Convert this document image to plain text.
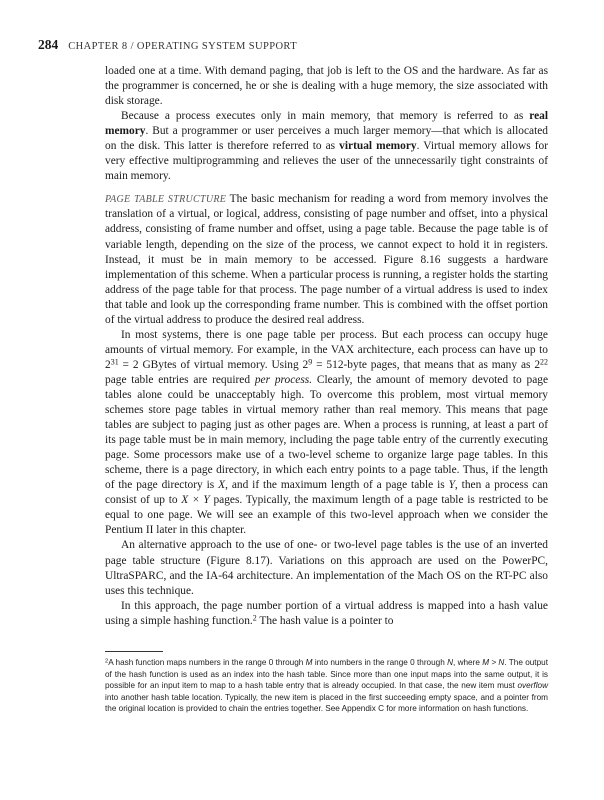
284 CHAPTER 8 / OPERATING SYSTEM SUPPORT

loaded one at a time. With demand paging, that job is left to the OS and the hardware. As far as the programmer is concerned, he or she is dealing with a huge memory, the size associated with disk storage.

Because a process executes only in main memory, that memory is referred to as real memory. But a programmer or user perceives a much larger memory—that which is allocated on the disk. This latter is therefore referred to as virtual memory. Virtual memory allows for very effective multiprogramming and relieves the user of the unnecessarily tight constraints of main memory.

PAGE TABLE STRUCTURE The basic mechanism for reading a word from memory involves the translation of a virtual, or logical, address, consisting of page number and offset, into a physical address, consisting of frame number and offset, using a page table. Because the page table is of variable length, depending on the size of the process, we cannot expect to hold it in registers. Instead, it must be in main memory to be accessed. Figure 8.16 suggests a hardware implementation of this scheme. When a particular process is running, a register holds the starting address of the page table for that process. The page number of a virtual address is used to index that table and look up the corresponding frame number. This is combined with the offset portion of the virtual address to produce the desired real address.

In most systems, there is one page table per process. But each process can occupy huge amounts of virtual memory. For example, in the VAX architecture, each process can have up to $2^{31} = 2$ GBytes of virtual memory. Using $2^9$ = 512-byte pages, that means that as many as $2^{22}$ page table entries are required per process. Clearly, the amount of memory devoted to page tables alone could be unacceptably high. To overcome this problem, most virtual memory schemes store page tables in virtual memory rather than real memory. This means that page tables are subject to paging just as other pages are. When a process is running, at least a part of its page table must be in main memory, including the page table entry of the currently executing page. Some processors make use of a two-level scheme to organize large page tables. In this scheme, there is a page directory, in which each entry points to a page table. Thus, if the length of the page directory is X, and if the maximum length of a page table is Y, then a process can consist of up to X × Y pages. Typically, the maximum length of a page table is restricted to be equal to one page. We will see an example of this two-level approach when we consider the Pentium II later in this chapter.

An alternative approach to the use of one- or two-level page tables is the use of an inverted page table structure (Figure 8.17). Variations on this approach are used on the PowerPC, UltraSPARC, and the IA-64 architecture. An implementation of the Mach OS on the RT-PC also uses this technique.

In this approach, the page number portion of a virtual address is mapped into a hash value using a simple hashing function.$^2$ The hash value is a pointer to

$^2$A hash function maps numbers in the range 0 through M into numbers in the range 0 through N, where M > N. The output of the hash function is used as an index into the hash table. Since more than one input maps into the same output, it is possible for an input item to map to a hash table entry that is already occupied. In that case, the new item must overflow into another hash table location. Typically, the new item is placed in the first succeeding empty space, and a pointer from the original location is provided to chain the entries together. See Appendix C for more information on hash functions.
